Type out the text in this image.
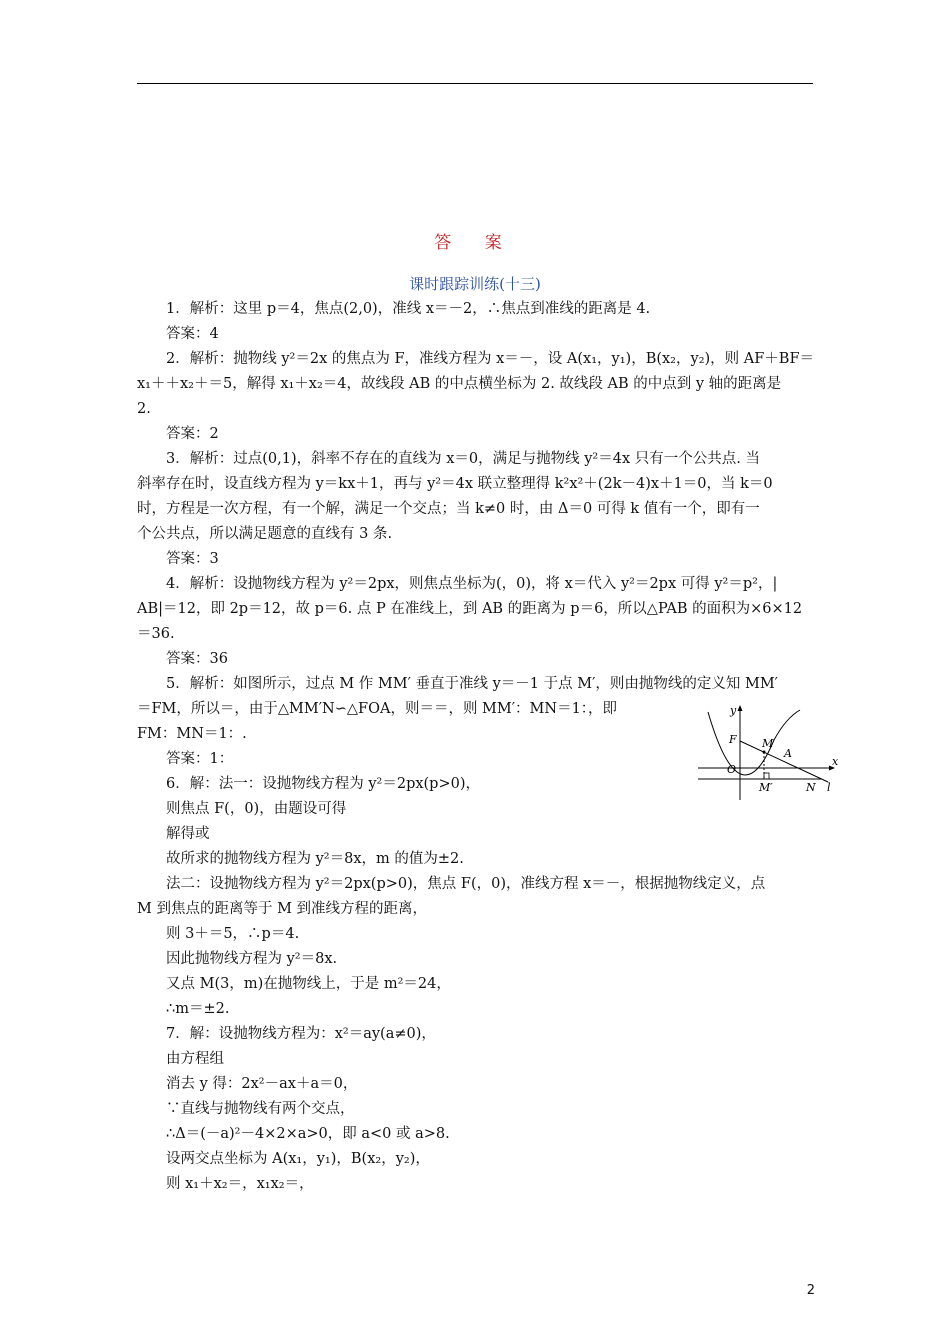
答 案
课时跟踪训练(十三)
1．解析：这里 p＝4，焦点(2,0)，准线 x＝－2，∴焦点到准线的距离是 4.
答案：4
2．解析：抛物线 y²＝2x 的焦点为 F，准线方程为 x＝－，设 A(x₁，y₁)，B(x₂，y₂)，则 AF＋BF＝
x₁＋＋x₂＋＝5，解得 x₁＋x₂＝4，故线段 AB 的中点横坐标为 2. 故线段 AB 的中点到 y 轴的距离是
2.
答案：2
3．解析：过点(0,1)，斜率不存在的直线为 x＝0，满足与抛物线 y²＝4x 只有一个公共点. 当
斜率存在时，设直线方程为 y＝kx＋1，再与 y²＝4x 联立整理得 k²x²＋(2k－4)x＋1＝0，当 k＝0
时，方程是一次方程，有一个解，满足一个交点；当 k≠0 时，由 Δ＝0 可得 k 值有一个，即有一
个公共点，所以满足题意的直线有 3 条.
答案：3
4．解析：设抛物线方程为 y²＝2px，则焦点坐标为(，0)，将 x＝代入 y²＝2px 可得 y²＝p²，|
AB|＝12，即 2p＝12，故 p＝6. 点 P 在准线上，到 AB 的距离为 p＝6，所以△PAB 的面积为×6×12
＝36.
答案：36
5．解析：如图所示，过点 M 作 MM′ 垂直于准线 y＝－1 于点 M′，则由抛物线的定义知 MM′
＝FM，所以＝，由于△MM′N∽△FOA，则＝＝，则 MM′：MN＝1：，即
FM：MN＝1：.
答案：1：
6．解：法一：设抛物线方程为 y²＝2px(p>0)，
则焦点 F(，0)，由题设可得
解得或
故所求的抛物线方程为 y²＝8x，m 的值为±2.
法二：设抛物线方程为 y²＝2px(p>0)，焦点 F(，0)，准线方程 x＝－，根据抛物线定义，点
M 到焦点的距离等于 M 到准线方程的距离，
则 3＋＝5，∴p＝4.
因此抛物线方程为 y²＝8x.
又点 M(3，m)在抛物线上，于是 m²＝24，
∴m＝±2.
7．解：设抛物线方程为：x²＝ay(a≠0)，
由方程组
消去 y 得：2x²－ax＋a＝0，
∵直线与抛物线有两个交点，
∴Δ＝(－a)²－4×2×a>0，即 a<0 或 a>8.
设两交点坐标为 A(x₁，y₁)，B(x₂，y₂)，
则 x₁＋x₂＝，x₁x₂＝，
y
x
F M
A
O
M′	N l
2
